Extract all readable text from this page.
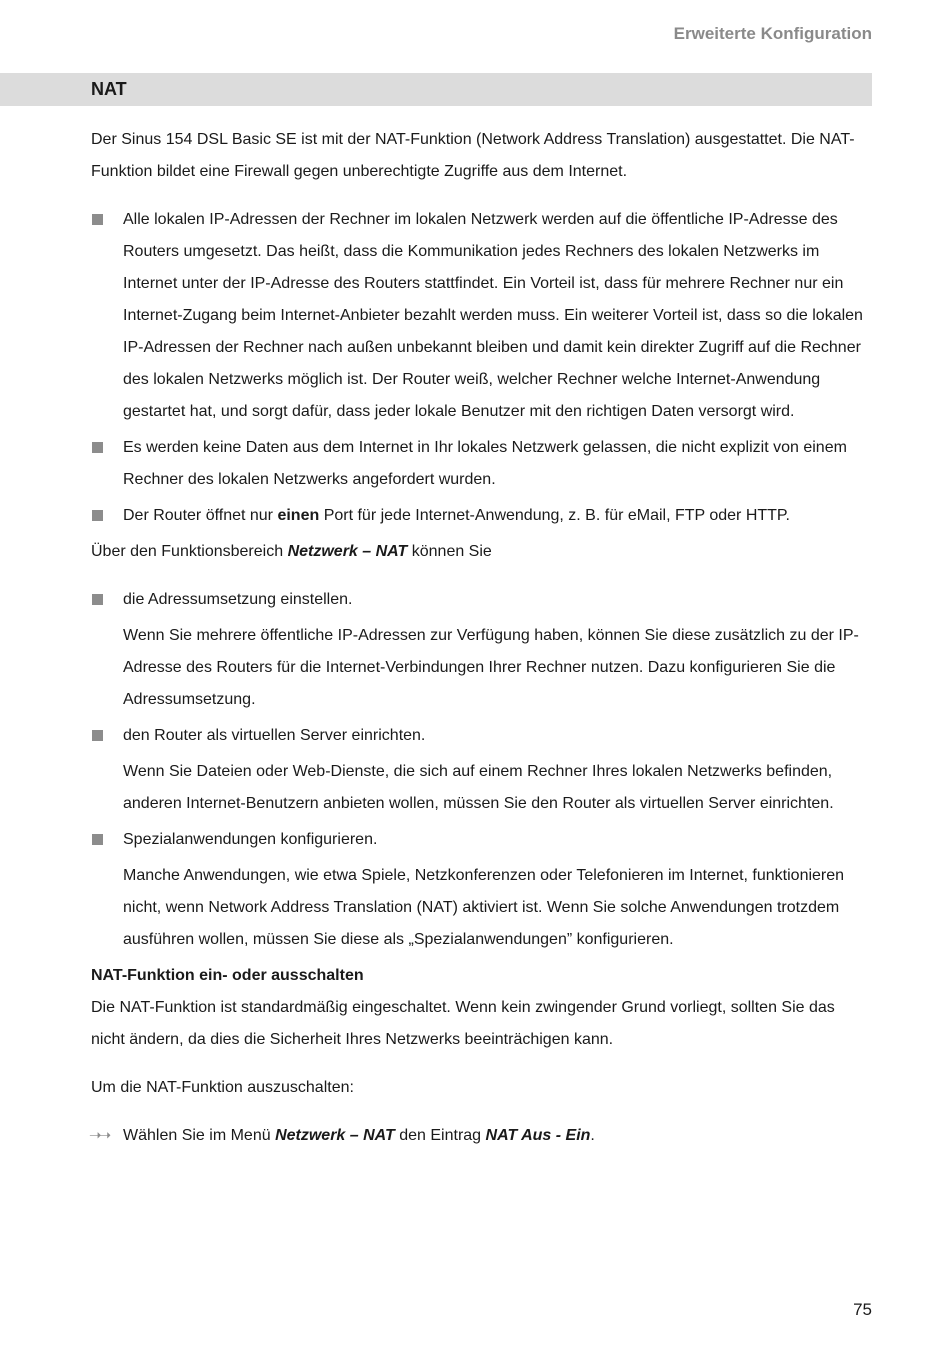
Erweiterte Konfiguration
NAT

Der Sinus 154 DSL Basic SE ist mit der NAT-Funktion (Network Address Translation) ausgestattet. Die NAT-Funktion bildet eine Firewall gegen unberechtigte Zugriffe aus dem Internet.

Alle lokalen IP-Adressen der Rechner im lokalen Netzwerk werden auf die öffentliche IP-Adresse des Routers umgesetzt. Das heißt, dass die Kommunikation jedes Rechners des lokalen Netzwerks im Internet unter der IP-Adresse des Routers stattfindet. Ein Vorteil ist, dass für mehrere Rechner nur ein Internet-Zugang beim Internet-Anbieter bezahlt werden muss. Ein weiterer Vorteil ist, dass so die lokalen IP-Adressen der Rechner nach außen unbekannt bleiben und damit kein direkter Zugriff auf die Rechner des lokalen Netzwerks möglich ist. Der Router weiß, welcher Rechner welche Internet-Anwendung gestartet hat, und sorgt dafür, dass jeder lokale Benutzer mit den richtigen Daten versorgt wird.
Es werden keine Daten aus dem Internet in Ihr lokales Netzwerk gelassen, die nicht explizit von einem Rechner des lokalen Netzwerks angefordert wurden.
Der Router öffnet nur einen Port für jede Internet-Anwendung, z. B. für eMail, FTP oder HTTP.

Über den Funktionsbereich Netzwerk – NAT können Sie

die Adressumsetzung einstellen.

Wenn Sie mehrere öffentliche IP-Adressen zur Verfügung haben, können Sie diese zusätzlich zu der IP-Adresse des Routers für die Internet-Verbindungen Ihrer Rechner nutzen. Dazu konfigurieren Sie die Adressumsetzung.

den Router als virtuellen Server einrichten.

Wenn Sie Dateien oder Web-Dienste, die sich auf einem Rechner Ihres lokalen Netzwerks befinden, anderen Internet-Benutzern anbieten wollen, müssen Sie den Router als virtuellen Server einrichten.

Spezialanwendungen konfigurieren.

Manche Anwendungen, wie etwa Spiele, Netzkonferenzen oder Telefonieren im Internet, funktionieren nicht, wenn Network Address Translation (NAT) aktiviert ist. Wenn Sie solche Anwendungen trotzdem ausführen wollen, müssen Sie diese als „Spezialanwendungen” konfigurieren.

NAT-Funktion ein- oder ausschalten

Die NAT-Funktion ist standardmäßig eingeschaltet. Wenn kein zwingender Grund vorliegt, sollten Sie das nicht ändern, da dies die Sicherheit Ihres Netzwerks beeinträchigen kann.

Um die NAT-Funktion auszuschalten:

➝➝ Wählen Sie im Menü Netzwerk – NAT den Eintrag NAT Aus - Ein.
75
